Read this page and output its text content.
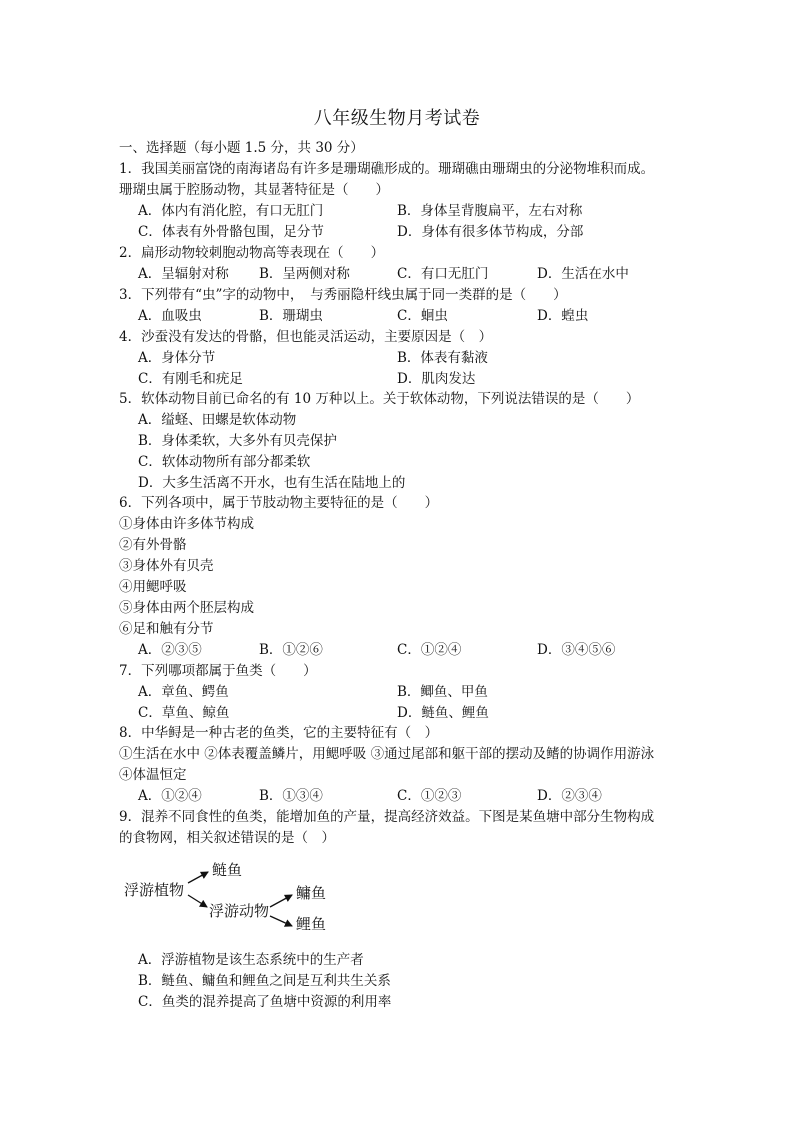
八年级生物月考试卷
一、选择题（每小题 1.5 分，共 30 分）
1．我国美丽富饶的南海诸岛有许多是珊瑚礁形成的。珊瑚礁由珊瑚虫的分泌物堆积而成。
珊瑚虫属于腔肠动物，其显著特征是（　　）
A．体内有消化腔，有口无肛门	B．身体呈背腹扁平，左右对称
C．体表有外骨骼包围，足分节	D．身体有很多体节构成，分部
2．扁形动物较刺胞动物高等表现在（　　）
A．呈辐射对称 B．呈两侧对称	C．有口无肛门	D．生活在水中
3．下列带有“虫”字的动物中，　与秀丽隐杆线虫属于同一类群的是（　　）
A．血吸虫	B．珊瑚虫	C．蛔虫	D．蝗虫
4．沙蚕没有发达的骨骼，但也能灵活运动，主要原因是（　）
A．身体分节	B．体表有黏液
C．有刚毛和疣足	D．肌肉发达
5．软体动物目前已命名的有 10 万种以上。关于软体动物，下列说法错误的是（　　）
A．缢蛏、田螺是软体动物
B．身体柔软，大多外有贝壳保护
C．软体动物所有部分都柔软
D．大多生活离不开水，也有生活在陆地上的
6．下列各项中，属于节肢动物主要特征的是（　　）
①身体由许多体节构成
②有外骨骼
③身体外有贝壳
④用鳃呼吸
⑤身体由两个胚层构成
⑥足和触有分节
A．②③⑤	B．①②⑥	C．①②④	D．③④⑤⑥
7．下列哪项都属于鱼类（　　）
A．章鱼、鳄鱼	B．鲫鱼、甲鱼
C．草鱼、鲸鱼	D．鲢鱼、鲤鱼
8．中华鲟是一种古老的鱼类，它的主要特征有（　）
①生活在水中 ②体表覆盖鳞片，用鳃呼吸 ③通过尾部和躯干部的摆动及鳍的协调作用游泳
④体温恒定
A．①②④	B．①③④	C．①②③	D．②③④
9．混养不同食性的鱼类，能增加鱼的产量，提高经济效益。下图是某鱼塘中部分生物构成
的食物网，相关叙述错误的是（　）
浮游植物
鲢鱼
浮游动物
鳙鱼
鲤鱼
A．浮游植物是该生态系统中的生产者
B．鲢鱼、鳙鱼和鲤鱼之间是互利共生关系
C．鱼类的混养提高了鱼塘中资源的利用率
